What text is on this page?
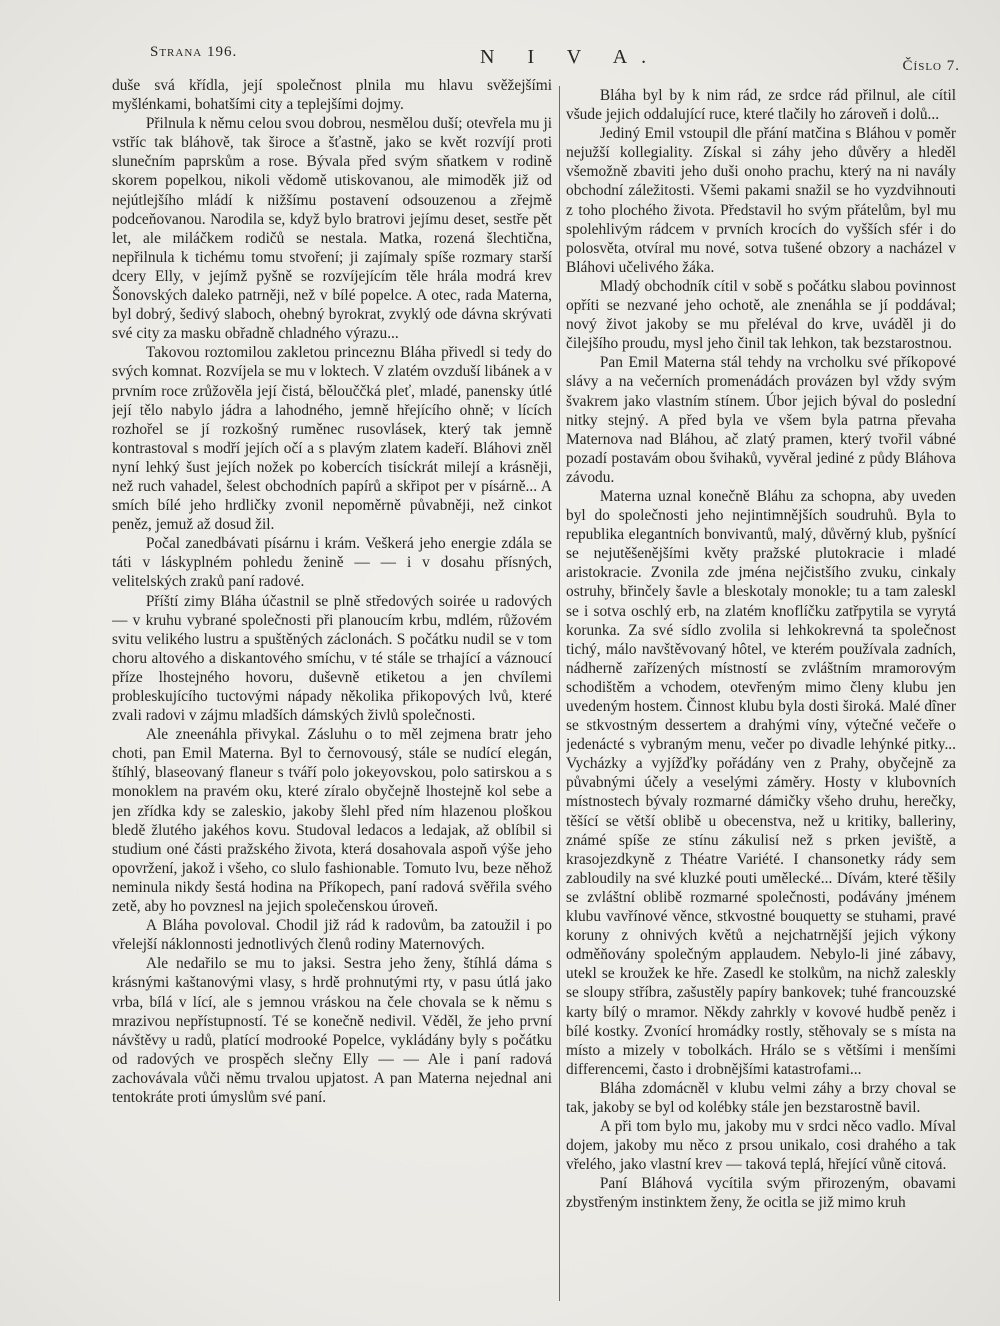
Strana 196.	N I V A.	Číslo 7.

duše svá křídla, její společnost plnila mu hlavu svěžejšími myšlénkami, bohatšími city a teplejšími dojmy.

Přilnula k němu celou svou dobrou, nesmělou duší; otevřela mu ji vstříc tak bláhově, tak široce a šťastně, jako se květ rozvíjí proti slunečním paprskům a rose. Bývala před svým sňatkem v rodině skorem popelkou, nikoli vědomě utiskovanou, ale mimoděk již od nejútlejšího mládí k nižšímu postavení odsouzenou a zřejmě podceňovanou. Narodila se, když bylo bratrovi jejímu deset, sestře pět let, ale miláčkem rodičů se nestala. Matka, rozená šlechtična, nepřilnula k tichému tomu stvoření; ji zajímaly spíše rozmary starší dcery Elly, v jejímž pyšně se rozvíjejícím těle hrála modrá krev Šonovských daleko patrněji, než v bílé popelce. A otec, rada Materna, byl dobrý, šedivý slaboch, ohebný byrokrat, zvyklý ode dávna skrývati své city za masku obřadně chladného výrazu...

Takovou roztomilou zakletou princeznu Bláha přivedl si tedy do svých komnat. Rozvíjela se mu v loktech. V zlatém ovzduší libánek a v prvním roce zrůžověla její čistá, bělouččká pleť, mladé, panensky útlé její tělo nabylo jádra a lahodného, jemně hřejícího ohně; v lících rozhořel se jí rozkošný ruměnec rusovlásek, který tak jemně kontrastoval s modří jejích očí a s plavým zlatem kadeří. Bláhovi zněl nyní lehký šust jejích nožek po kobercích tisíckrát milejí a krásněji, než ruch vahadel, šelest obchodních papírů a skřipot per v písárně... A smích bílé jeho hrdličky zvonil nepoměrně půvabněji, než cinkot peněz, jemuž až dosud žil.

Počal zanedbávati písárnu i krám. Veškerá jeho energie zdála se táti v láskyplném pohledu ženině — — i v dosahu přísných, velitelských zraků paní radové.

Příští zimy Bláha účastnil se plně středových soirée u radových — v kruhu vybrané společnosti při planoucím krbu, mdlém, růžovém svitu velikého lustru a spuštěných záclonách. S počátku nudil se v tom choru altového a diskantového smíchu, v té stále se trhající a váznoucí příze lhostejného hovoru, duševně etiketou a jen chvílemi probleskujícího tuctovými nápady několika přikopových lvů, které zvali radovi v zájmu mladších dámských živlů společnosti.

Ale zneenáhla přivykal. Zásluhu o to měl zejmena bratr jeho choti, pan Emil Materna. Byl to černovousý, stále se nudící elegán, štíhlý, blaseovaný flaneur s tváří polo jokeyovskou, polo satirskou a s monoklem na pravém oku, které zíralo obyčejně lhostejně kol sebe a jen zřídka kdy se zaleskio, jakoby šlehl před ním hlazenou ploškou bledě žlutého jakéhos kovu. Studoval ledacos a ledajak, až oblíbil si studium oné části pražského života, která dosahovala aspoň výše jeho opovržení, jakož i všeho, co slulo fashionable. Tomuto lvu, beze něhož neminula nikdy šestá hodina na Příkopech, paní radová svěřila svého zetě, aby ho povznesl na jejich společenskou úroveň.

A Bláha povoloval. Chodil již rád k radovům, ba zatoužil i po vřelejší náklonnosti jednotlivých členů rodiny Maternových.

Ale nedařilo se mu to jaksi. Sestra jeho ženy, štíhlá dáma s krásnými kaštanovými vlasy, s hrdě prohnutými rty, v pasu útlá jako vrba, bílá v lící, ale s jemnou vráskou na čele chovala se k němu s mrazivou nepřístupností. Té se konečně nedivil. Věděl, že jeho první návštěvy u radů, platící modrooké Popelce, vykládány byly s počátku od radových ve prospěch slečny Elly — — Ale i paní radová zachovávala vůči němu trvalou upjatost. A pan Materna nejednal ani tentokráte proti úmyslům své paní.

Bláha byl by k nim rád, ze srdce rád přilnul, ale cítil všude jejich oddalující ruce, které tlačily ho zároveň i dolů...

Jediný Emil vstoupil dle přání matčina s Bláhou v poměr nejužší kollegiality. Získal si záhy jeho důvěry a hleděl všemožně zbaviti jeho duši onoho prachu, který na ni navály obchodní záležitosti. Všemi pakami snažil se ho vyzdvihnouti z toho plochého života. Představil ho svým přátelům, byl mu spolehlivým rádcem v prvních krocích do vyšších sfér i do polosvěta, otvíral mu nové, sotva tušené obzory a nacházel v Bláhovi učelivého žáka.

Mladý obchodník cítil v sobě s počátku slabou povinnost opříti se nezvané jeho ochotě, ale znenáhla se jí poddával; nový život jakoby se mu přeléval do krve, uváděl ji do čilejšího proudu, mysl jeho činil tak lehkon, tak bezstarostnou.

Pan Emil Materna stál tehdy na vrcholku své příkopové slávy a na večerních promenádách provázen byl vždy svým švakrem jako vlastním stínem. Úbor jejich býval do poslední nitky stejný. A před byla ve všem byla patrna převaha Maternova nad Bláhou, ač zlatý pramen, který tvořil vábné pozadí postavám obou švihaků, vyvěral jediné z půdy Bláhova závodu.

Materna uznal konečně Bláhu za schopna, aby uveden byl do společnosti jeho nejintimnějších soudruhů. Byla to republika elegantních bonvivantů, malý, důvěrný klub, pyšnící se nejutěšenějšími květy pražské plutokracie i mladé aristokracie. Zvonila zde jména nejčistšího zvuku, cinkaly ostruhy, břinčely šavle a bleskotaly monokle; tu a tam zaleskl se i sotva oschlý erb, na zlatém knoflíčku zatřpytila se vyrytá korunka. Za své sídlo zvolila si lehkokrevná ta společnost tichý, málo navštěvovaný hôtel, ve kterém používala zadních, nádherně zařízených místností se zvláštním mramorovým schodištěm a vchodem, otevřeným mimo členy klubu jen uvedeným hostem. Činnost klubu byla dosti široká. Malé dîner se stkvostným dessertem a drahými víny, výtečné večeře o jedenácté s vybraným menu, večer po divadle lehýnké pitky... Vycházky a vyjížďky pořádány ven z Prahy, obyčejně za půvabnými účely a veselými záměry. Hosty v klubovních místnostech bývaly rozmarné dámičky všeho druhu, herečky, těšící se větší oblibě u obecenstva, než u kritiky, balleriny, známé spíše ze stínu zákulisí než s prken jeviště, a krasojezdkyně z Théatre Variété. I chansonetky rády sem zabloudily na své kluzké pouti umělecké... Dívám, které těšily se zvláštní oblibě rozmarné společnosti, podávány jménem klubu vavřínové věnce, stkvostné bouquetty se stuhami, pravé koruny z ohnivých květů a nejchatrnější jejich výkony odměňovány společným applaudem. Nebylo-li jiné zábavy, utekl se kroužek ke hře. Zasedl ke stolkům, na nichž zaleskly se sloupy stříbra, zašustěly papíry bankovek; tuhé francouzské karty bílý o mramor. Někdy zahrkly v kovové hudbě peněz i bílé kostky. Zvonící hromádky rostly, stěhovaly se s místa na místo a mizely v tobolkách. Hrálo se s většími i menšími differencemi, často i drobnějšími katastrofami...

Bláha zdomácněl v klubu velmi záhy a brzy choval se tak, jakoby se byl od kolébky stále jen bezstarostně bavil.

A při tom bylo mu, jakoby mu v srdci něco vadlo. Míval dojem, jakoby mu něco z prsou unikalo, cosi drahého a tak vřelého, jako vlastní krev — taková teplá, hřející vůně citová.

Paní Bláhová vycítila svým přirozeným, obavami zbystřeným instinktem ženy, že ocitla se již mimo kruh
